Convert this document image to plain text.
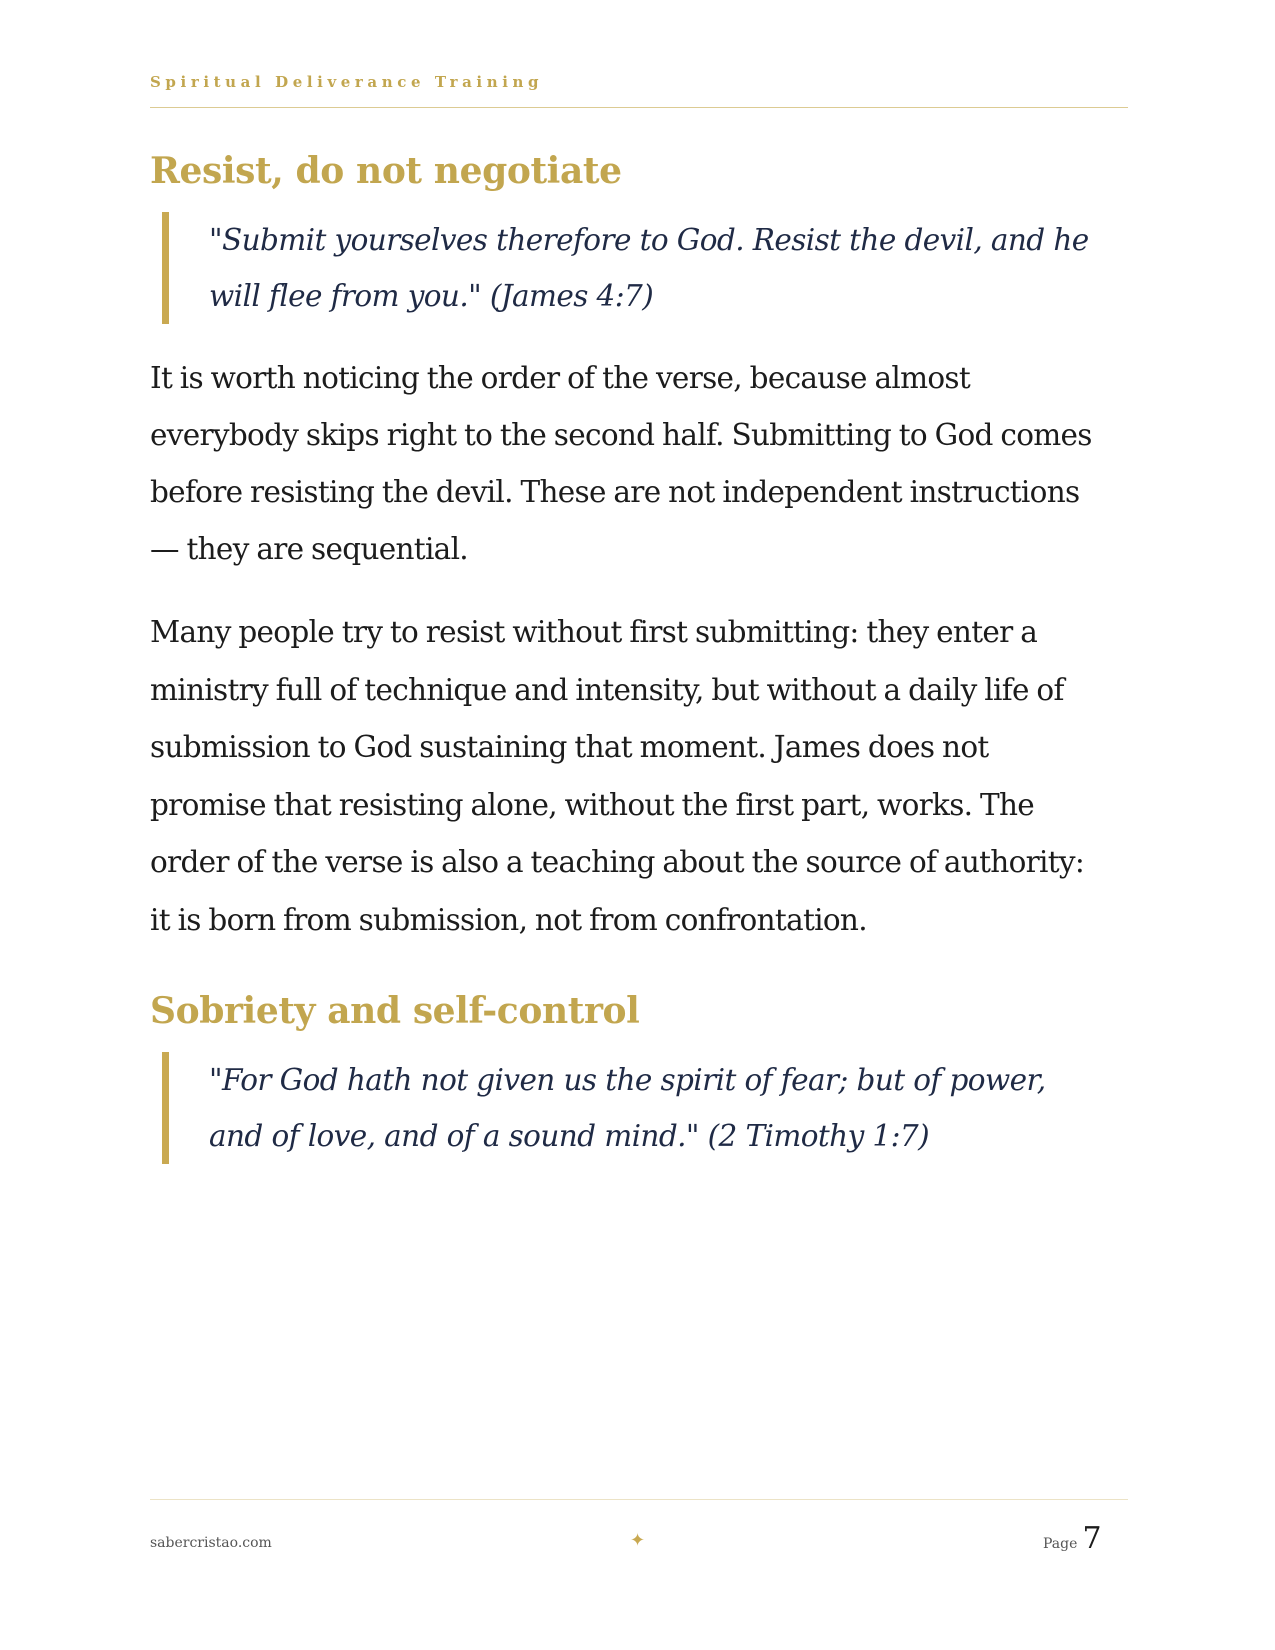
Spiritual Deliverance Training

Resist, do not negotiate

"Submit yourselves therefore to God. Resist the devil, and he

will flee from you." (James 4:7)

It is worth noticing the order of the verse, because almost

everybody skips right to the second half. Submitting to God comes

before resisting the devil. These are not independent instructions

— they are sequential.

Many people try to resist without first submitting: they enter a

ministry full of technique and intensity, but without a daily life of

submission to God sustaining that moment. James does not

promise that resisting alone, without the first part, works. The

order of the verse is also a teaching about the source of authority:

it is born from submission, not from confrontation.

Sobriety and self-control

"For God hath not given us the spirit of fear; but of power,

and of love, and of a sound mind." (2 Timothy 1:7)

sabercristao.com	✦	Page 7
